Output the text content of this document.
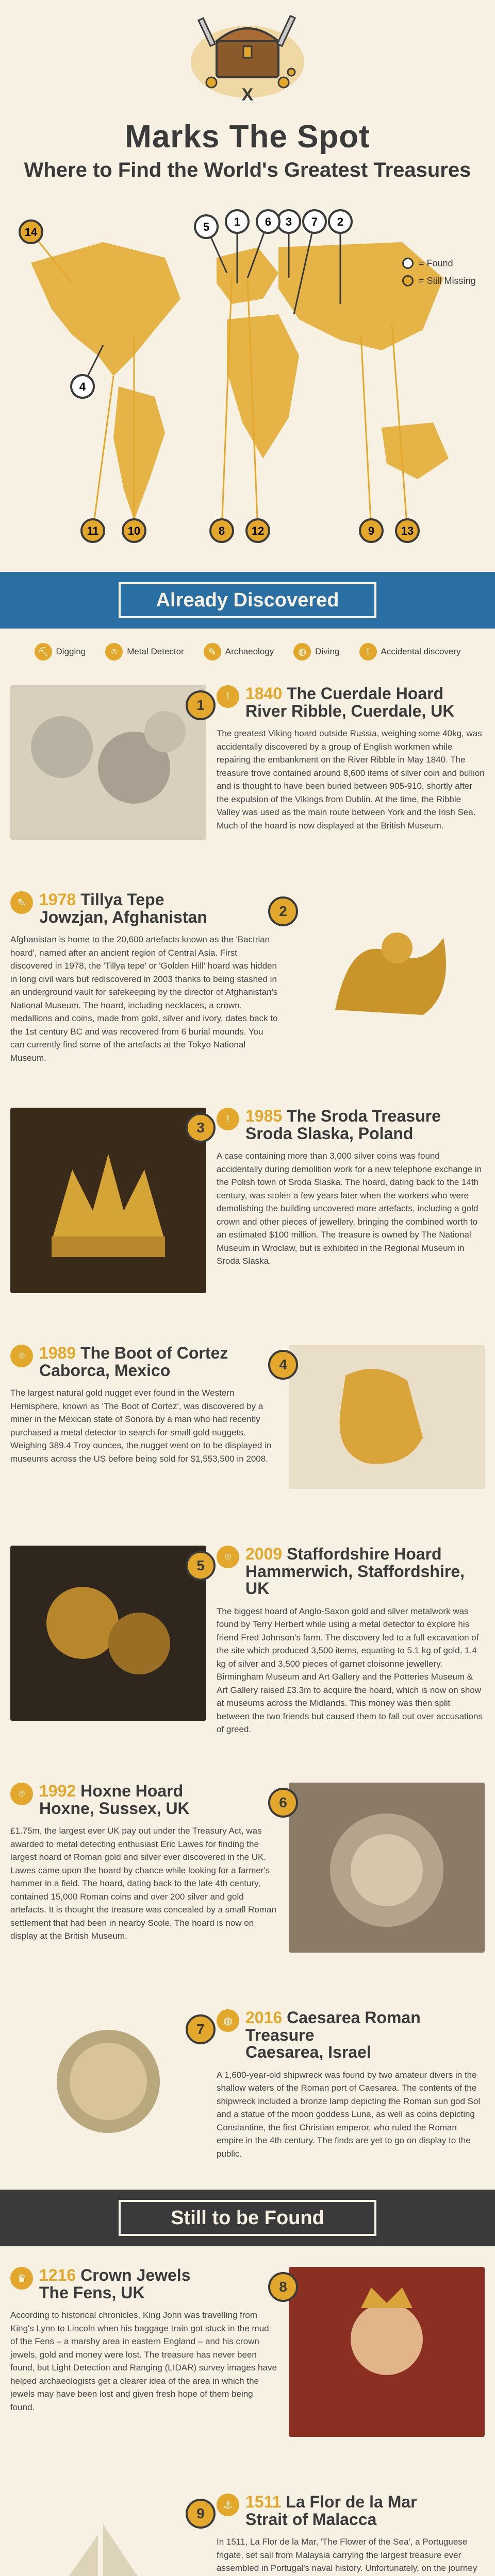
X
Marks The Spot
Where to Find the World's Greatest Treasures
1	2
3
4
5	6	7
8	9
10
11	12	13
14
= Found
= Still Missing
Already Discovered
⛏ Digging	⌾	Metal Detector	✎	Archaeology	◍	Diving	!	Accidental discovery
1
! 1840 The Cuerdale Hoard
River Ribble, Cuerdale, UK
The greatest Viking hoard outside Russia, weighing some 40kg, was accidentally discovered by a group of English workmen while repairing the embankment on the River Ribble in May 1840. The treasure trove contained around 8,600 items of silver coin and bullion and is thought to have been buried between 905-910, shortly after the expulsion of the Vikings from Dublin. At the time, the Ribble Valley was used as the main route between York and the Irish Sea. Much of the hoard is now displayed at the British Museum.
✎ 1978 Tillya Tepe
Jowzjan, Afghanistan
Afghanistan is home to the 20,600 artefacts known as the 'Bactrian hoard', named after an ancient region of Central Asia. First discovered in 1978, the 'Tillya tepe' or 'Golden Hill' hoard was hidden in long civil wars but rediscovered in 2003 thanks to being stashed in an underground vault for safekeeping by the director of Afghanistan's National Museum. The hoard, including necklaces, a crown, medallions and coins, made from gold, silver and ivory, dates back to the 1st century BC and was recovered from 6 burial mounds. You can currently find some of the artefacts at the Tokyo National Museum.
2
3
! 1985 The Sroda Treasure
Sroda Slaska, Poland
A case containing more than 3,000 silver coins was found accidentally during demolition work for a new telephone exchange in the Polish town of Sroda Slaska. The hoard, dating back to the 14th century, was stolen a few years later when the workers who were demolishing the building uncovered more artefacts, including a gold crown and other pieces of jewellery, bringing the combined worth to an estimated $100 million. The treasure is owned by The National Museum in Wroclaw, but is exhibited in the Regional Museum in Sroda Slaska.
⌾ 1989 The Boot of Cortez
Caborca, Mexico
The largest natural gold nugget ever found in the Western Hemisphere, known as 'The Boot of Cortez', was discovered by a miner in the Mexican state of Sonora by a man who had recently purchased a metal detector to search for small gold nuggets. Weighing 389.4 Troy ounces, the nugget went on to be displayed in museums across the US before being sold for $1,553,500 in 2008.
4
5
⌾ 2009 Staffordshire Hoard
Hammerwich, Staffordshire, UK
The biggest hoard of Anglo-Saxon gold and silver metalwork was found by Terry Herbert while using a metal detector to explore his friend Fred Johnson's farm. The discovery led to a full excavation of the site which produced 3,500 items, equating to 5.1 kg of gold, 1.4 kg of silver and 3,500 pieces of garnet cloisonne jewellery. Birmingham Museum and Art Gallery and the Potteries Museum & Art Gallery raised £3.3m to acquire the hoard, which is now on show at museums across the Midlands. This money was then split between the two friends but caused them to fall out over accusations of greed.
⌾ 1992 Hoxne Hoard
Hoxne, Sussex, UK
£1.75m, the largest ever UK pay out under the Treasury Act, was awarded to metal detecting enthusiast Eric Lawes for finding the largest hoard of Roman gold and silver ever discovered in the UK. Lawes came upon the hoard by chance while looking for a farmer's hammer in a field. The hoard, dating back to the late 4th century, contained 15,000 Roman coins and over 200 silver and gold artefacts. It is thought the treasure was concealed by a small Roman settlement that had been in nearby Scole. The hoard is now on display at the British Museum.
6
7
◍ 2016 Caesarea Roman Treasure
Caesarea, Israel
A 1,600-year-old shipwreck was found by two amateur divers in the shallow waters of the Roman port of Caesarea. The contents of the shipwreck included a bronze lamp depicting the Roman sun god Sol and a statue of the moon goddess Luna, as well as coins depicting Constantine, the first Christian emperor, who ruled the Roman empire in the 4th century. The finds are yet to go on display to the public.
Still to be Found
♛ 1216 Crown Jewels
The Fens, UK
According to historical chronicles, King John was travelling from King's Lynn to Lincoln when his baggage train got stuck in the mud of the Fens – a marshy area in eastern England – and his crown jewels, gold and money were lost. The treasure has never been found, but Light Detection and Ranging (LIDAR) survey images have helped archaeologists get a clearer idea of the area in which the jewels may have been lost and given fresh hope of them being found.
8
9
⚓ 1511 La Flor de la Mar
Strait of Malacca
In 1511, La Flor de la Mar, 'The Flower of the Sea', a Portuguese frigate, set sail from Malaysia carrying the largest treasure ever assembled in Portugal's naval history. Unfortunately, on the journey
